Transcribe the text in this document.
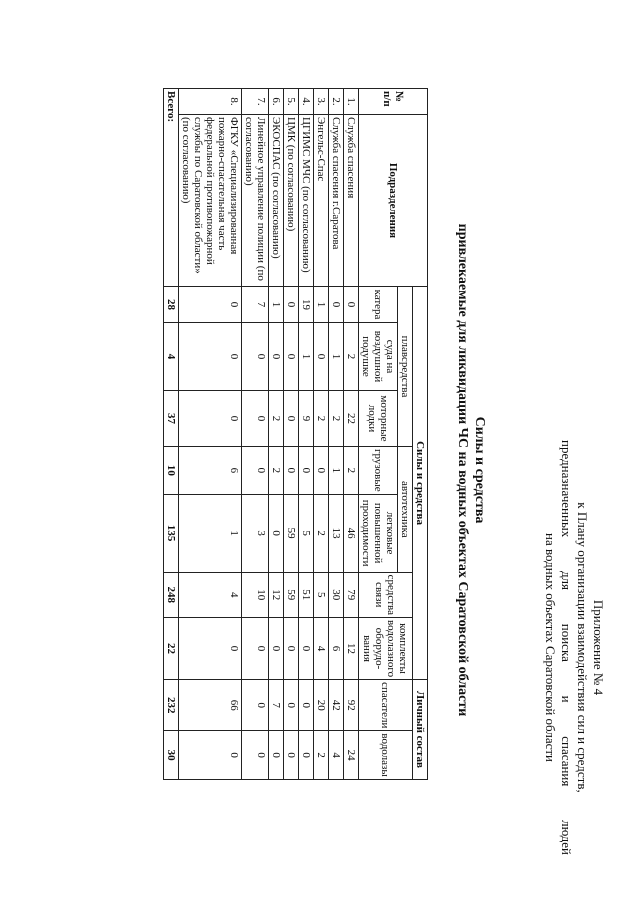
Приложение № 4
к Плану организации взаимодействия сил и средств,
предназначенных для поиска и спасания людей
на водных объектах Саратовской области
Силы и средства
привлекаемые для ликвидации ЧС на водных объектах Саратовской области
№ п/п	Подразделения	Силы и средства							Личный состав	
		плавсредства			автотехника		средства связи	комплекты водолазного оборудо-вания	спасатели	водолазы
		катера	суда на воздушной подушке	моторные лодки	грузовые	легковые повышенной проходимости				
1.	Служба спасения	0	2	22	2	46	79	12	92	24
2.	Служба спасения г.Саратова	0	1	2	1	13	30	6	42	4
3.	Энгельс-Спас	1	0	2	0	2	5	4	20	2
4.	ЦГИМС МЧС (по согласованию)	19	1	9	0	5	51	0	0	0
5.	ЦМК (по согласованию)	0	0	0	0	59	59	0	0	0
6.	ЭКОСПАС (по согласованию)	1	0	2	2	0	12	0	7	0
7.	Линейное управление полиции (по согласованию)	7	0	0	0	3	10	0	0	0
8.	ФГКУ «Специализированная пожарно-спасательная часть федеральной противопожарной службы по Саратовской области» (по согласованию)	0	0	0	6	1	4	0	66	0
Всего:		28	4	37	10	135	248	22	232	30
